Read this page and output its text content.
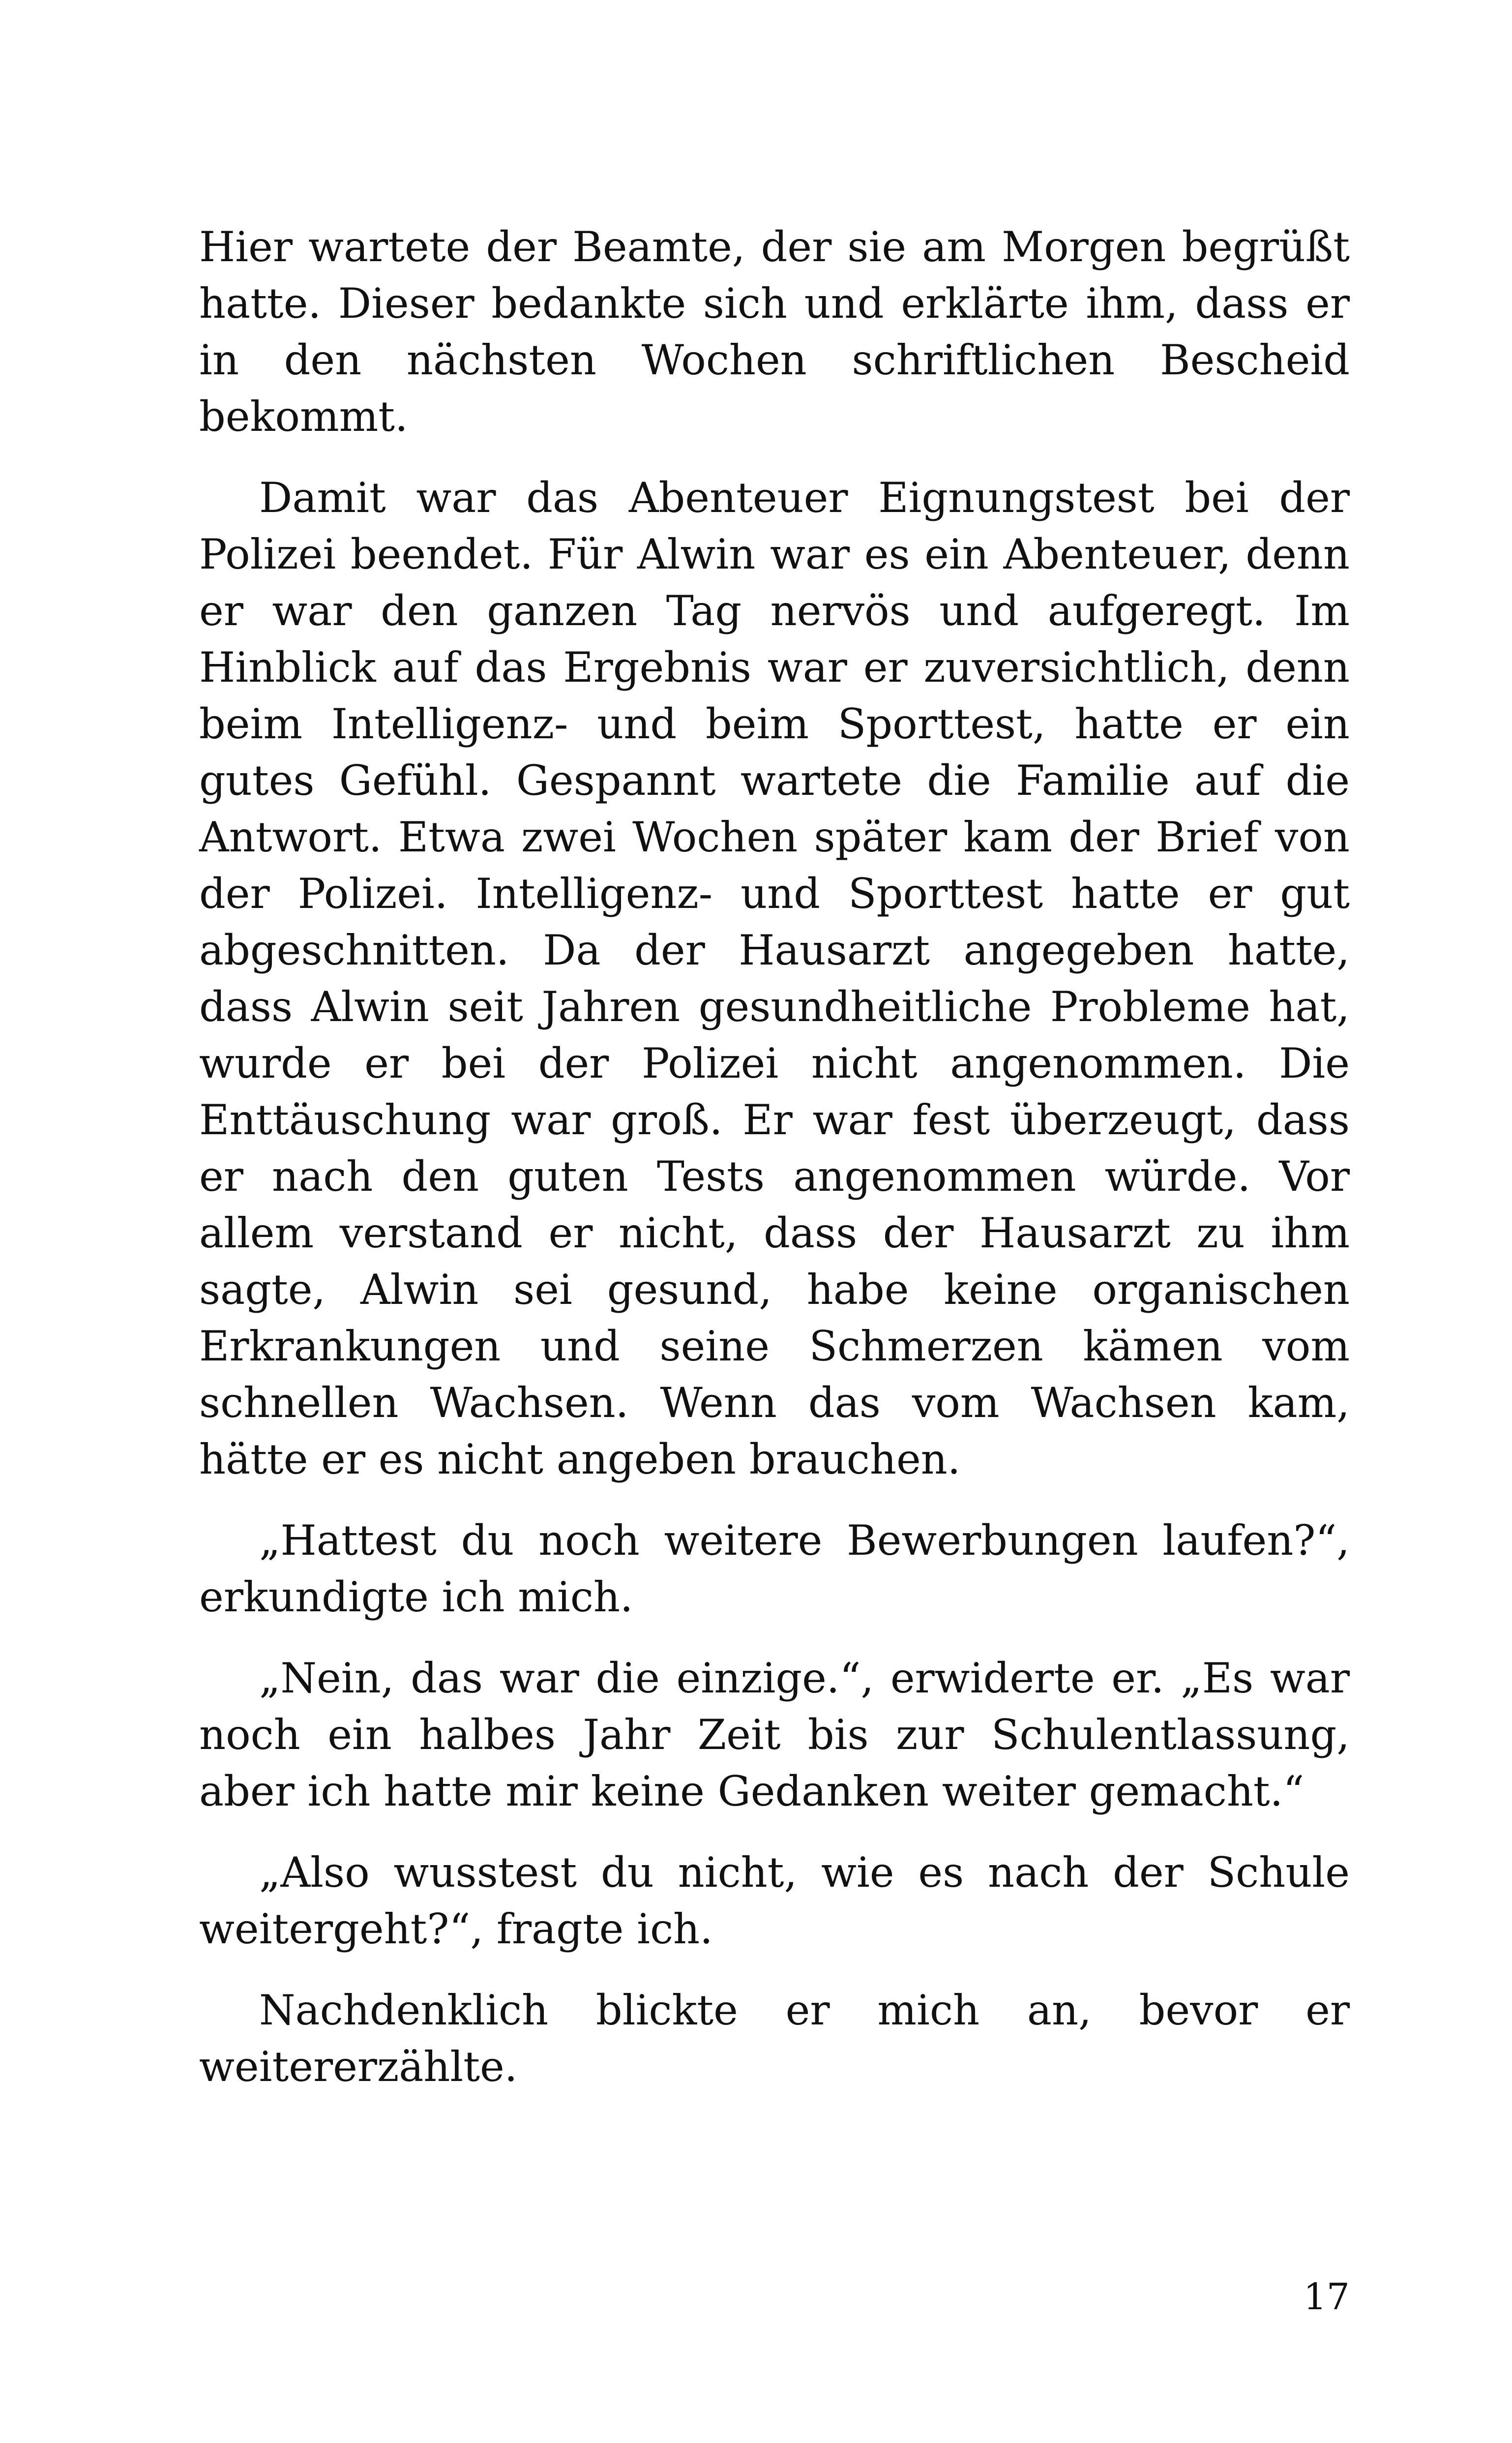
Hier wartete der Beamte, der sie am Morgen begrüßt hatte. Dieser bedankte sich und erklärte ihm, dass er in den nächsten Wochen schriftlichen Bescheid bekommt.

Damit war das Abenteuer Eignungstest bei der Polizei beendet. Für Alwin war es ein Abenteuer, denn er war den ganzen Tag nervös und aufgeregt. Im Hinblick auf das Ergebnis war er zuversichtlich, denn beim Intelligenz- und beim Sporttest, hatte er ein gutes Gefühl. Gespannt wartete die Familie auf die Antwort. Etwa zwei Wochen später kam der Brief von der Polizei. Intelligenz- und Sporttest hatte er gut abgeschnitten. Da der Hausarzt angegeben hatte, dass Alwin seit Jahren gesundheitliche Probleme hat, wurde er bei der Polizei nicht angenommen. Die Enttäuschung war groß. Er war fest überzeugt, dass er nach den guten Tests angenommen würde. Vor allem verstand er nicht, dass der Hausarzt zu ihm sagte, Alwin sei gesund, habe keine organischen Erkrankungen und seine Schmerzen kämen vom schnellen Wachsen. Wenn das vom Wachsen kam, hätte er es nicht angeben brauchen.

„Hattest du noch weitere Bewerbungen laufen?“, erkundigte ich mich.

„Nein, das war die einzige.“, erwiderte er. „Es war noch ein halbes Jahr Zeit bis zur Schulentlassung, aber ich hatte mir keine Gedanken weiter gemacht.“

„Also wusstest du nicht, wie es nach der Schule weitergeht?“, fragte ich.

Nachdenklich blickte er mich an, bevor er weitererzählte.

17
